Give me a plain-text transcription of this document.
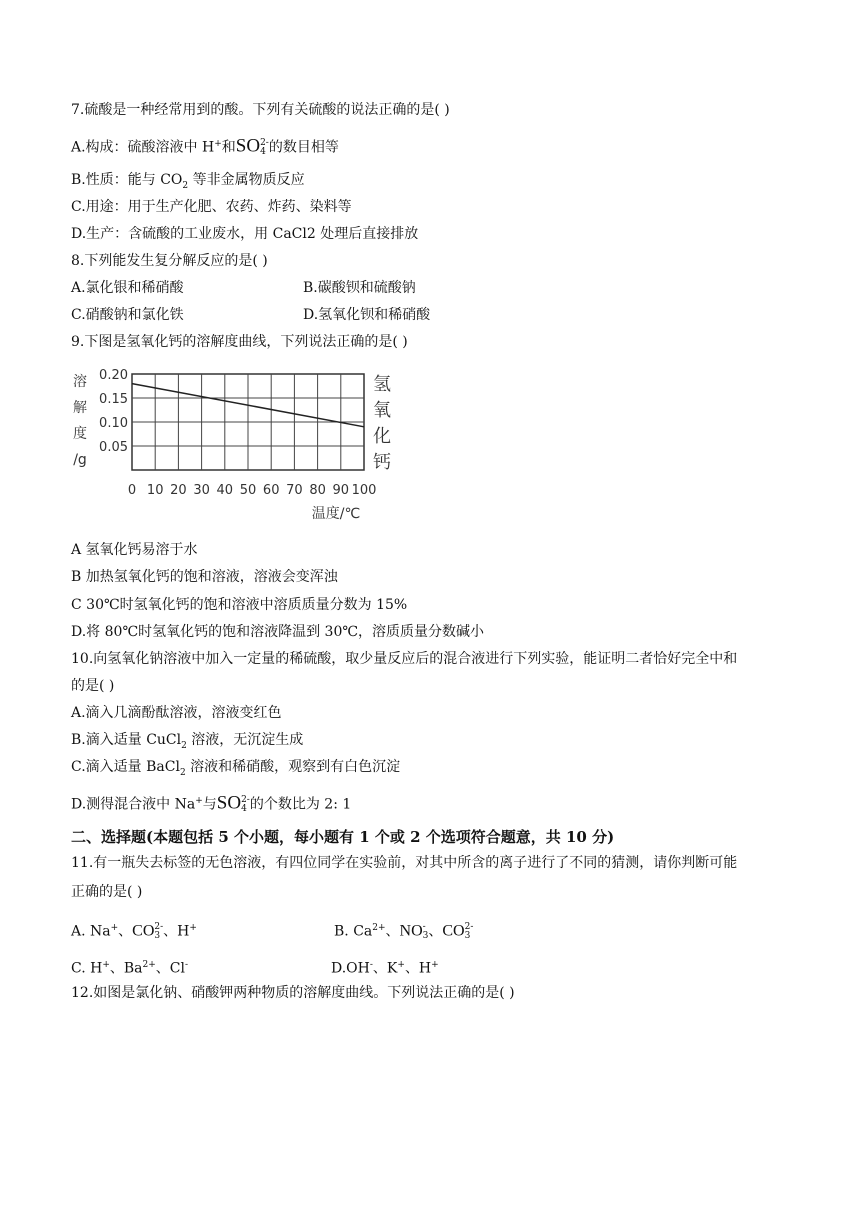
7.硫酸是一种经常用到的酸。下列有关硫酸的说法正确的是( )
A.构成：硫酸溶液中 H+和SO 2-
4 的数目相等
B.性质：能与 $CO_2$ 等非金属物质反应
C.用途：用于生产化肥、农药、炸药、染料等
D.生产：含硫酸的工业废水，用 CaCl2 处理后直接排放
8.下列能发生复分解反应的是( )
A.氯化银和稀硝酸	B.碳酸钡和硫酸钠
C.硝酸钠和氯化铁	D.氢氧化钡和稀硝酸
9.下图是氢氧化钙的溶解度曲线，下列说法正确的是( )
0 10 20 30 40 50 60 70 80 90 100
0.20
0.15
0.10
0.05
溶
解
度
/g
氢
氧
化
钙
温度/℃
A 氢氧化钙易溶于水
B 加热氢氧化钙的饱和溶液，溶液会变浑浊
C 30℃时氢氧化钙的饱和溶液中溶质质量分数为 15%
D.将 80℃时氢氧化钙的饱和溶液降温到 30℃，溶质质量分数碱小
10.向氢氧化钠溶液中加入一定量的稀硫酸，取少量反应后的混合液进行下列实验，能证明二者恰好完全中和
的是( )
A.滴入几滴酚酞溶液，溶液变红色
B.滴入适量 CuCl$_2$ 溶液，无沉淀生成
C.滴入适量 BaCl$_2$ 溶液和稀硝酸，观察到有白色沉淀
D.测得混合液中 Na+与SO 2-
4 的个数比为 2: 1
二、选择题(本题包括 5 个小题，每小题有 1 个或 2 个选项符合题意，共 10 分)
11.有一瓶失去标签的无色溶液，有四位同学在实验前，对其中所含的离子进行了不同的猜测，请你判断可能
正确的是( )
A. Na+、CO 2-
3 、H+	B. $Ca^{2+}$、NO -
3 、CO 2-
3
C. H+、$Ba^{2+}$、Cl-	D.OH-、K+、H+
12.如图是氯化钠、硝酸钾两种物质的溶解度曲线。下列说法正确的是( )
